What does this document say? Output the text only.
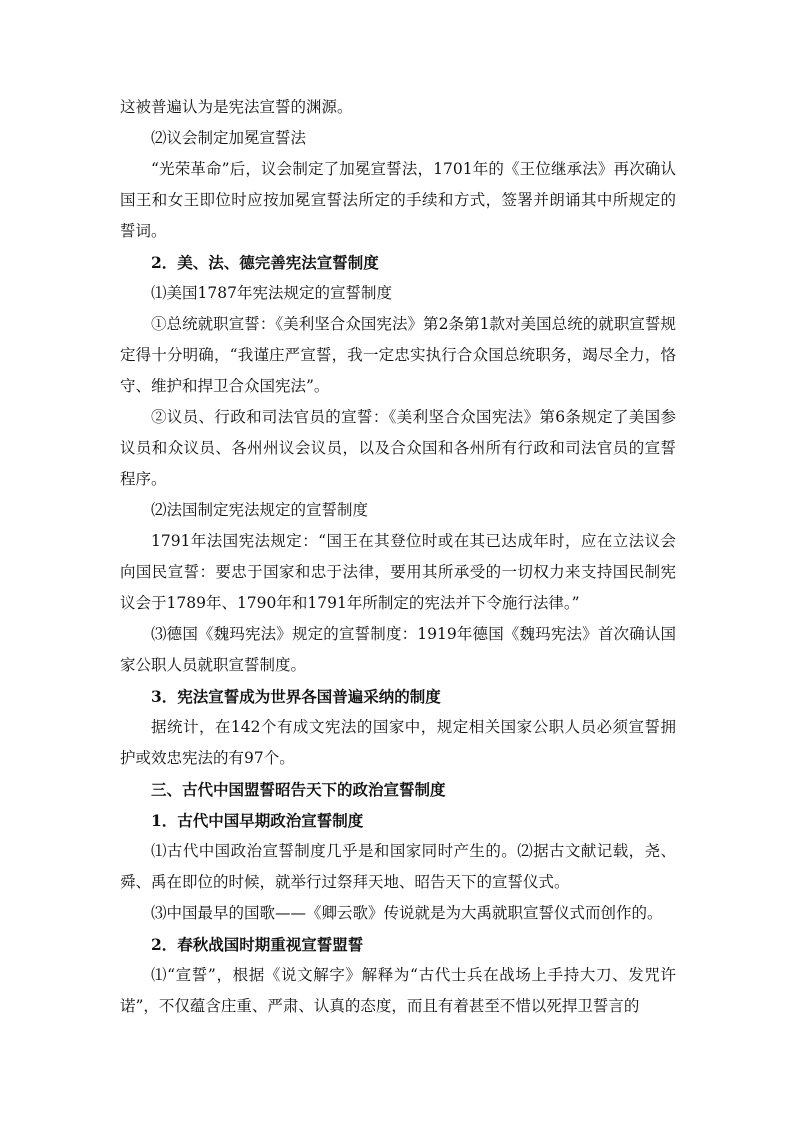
这被普遍认为是宪法宣誓的渊源。

⑵议会制定加冕宣誓法

“光荣革命”后，议会制定了加冕宣誓法，1701年的《王位继承法》再次确认国王和女王即位时应按加冕宣誓法所定的手续和方式，签署并朗诵其中所规定的誓词。

2．美、法、德完善宪法宣誓制度

⑴美国1787年宪法规定的宣誓制度

①总统就职宣誓：《美利坚合众国宪法》第2条第1款对美国总统的就职宣誓规定得十分明确，“我谨庄严宣誓，我一定忠实执行合众国总统职务，竭尽全力，恪守、维护和捍卫合众国宪法”。

②议员、行政和司法官员的宣誓：《美利坚合众国宪法》第6条规定了美国参议员和众议员、各州州议会议员，以及合众国和各州所有行政和司法官员的宣誓程序。

⑵法国制定宪法规定的宣誓制度

1791年法国宪法规定：“国王在其登位时或在其已达成年时，应在立法议会向国民宣誓：要忠于国家和忠于法律，要用其所承受的一切权力来支持国民制宪议会于1789年、1790年和1791年所制定的宪法并下令施行法律。”

⑶德国《魏玛宪法》规定的宣誓制度：1919年德国《魏玛宪法》首次确认国家公职人员就职宣誓制度。

3．宪法宣誓成为世界各国普遍采纳的制度

据统计，在142个有成文宪法的国家中，规定相关国家公职人员必须宣誓拥护或效忠宪法的有97个。

三、古代中国盟誓昭告天下的政治宣誓制度

1．古代中国早期政治宣誓制度

⑴古代中国政治宣誓制度几乎是和国家同时产生的。⑵据古文献记载，尧、舜、禹在即位的时候，就举行过祭拜天地、昭告天下的宣誓仪式。

⑶中国最早的国歌——《卿云歌》传说就是为大禹就职宣誓仪式而创作的。

2．春秋战国时期重视宣誓盟誓

⑴“宣誓”，根据《说文解字》解释为“古代士兵在战场上手持大刀、发咒许诺”，不仅蕴含庄重、严肃、认真的态度，而且有着甚至不惜以死捍卫誓言的
